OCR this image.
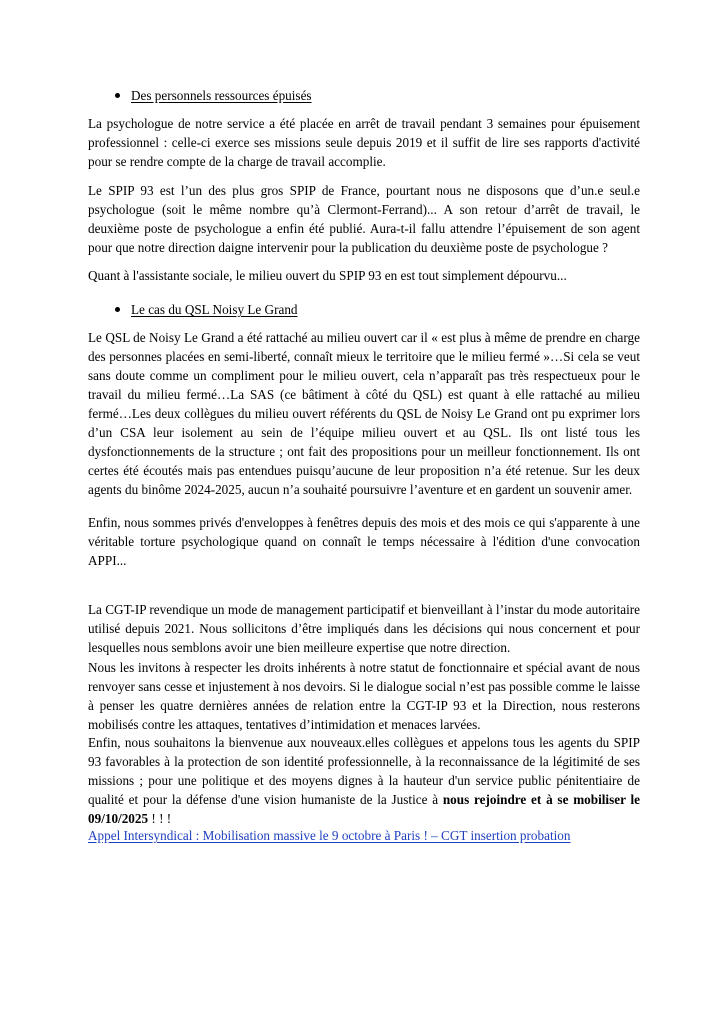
Des personnels ressources épuisés

La psychologue de notre service a été placée en arrêt de travail pendant 3 semaines pour épuisement professionnel : celle-ci exerce ses missions seule depuis 2019 et il suffit de lire ses rapports d'activité pour se rendre compte de la charge de travail accomplie.

Le SPIP 93 est l’un des plus gros SPIP de France, pourtant nous ne disposons que d’un.e seul.e psychologue (soit le même nombre qu’à Clermont-Ferrand)... A son retour d’arrêt de travail, le deuxième poste de psychologue a enfin été publié. Aura-t-il fallu attendre l’épuisement de son agent pour que notre direction daigne intervenir pour la publication du deuxième poste de psychologue ?

Quant à l'assistante sociale, le milieu ouvert du SPIP 93 en est tout simplement dépourvu...

Le cas du QSL Noisy Le Grand

Le QSL de Noisy Le Grand a été rattaché au milieu ouvert car il « est plus à même de prendre en charge des personnes placées en semi-liberté, connaît mieux le territoire que le milieu fermé »…Si cela se veut sans doute comme un compliment pour le milieu ouvert, cela n’apparaît pas très respectueux pour le travail du milieu fermé…La SAS (ce bâtiment à côté du QSL) est quant à elle rattaché au milieu fermé…Les deux collègues du milieu ouvert référents du QSL de Noisy Le Grand ont pu exprimer lors d’un CSA leur isolement au sein de l’équipe milieu ouvert et au QSL. Ils ont listé tous les dysfonctionnements de la structure ; ont fait des propositions pour un meilleur fonctionnement. Ils ont certes été écoutés mais pas entendues puisqu’aucune de leur proposition n’a été retenue. Sur les deux agents du binôme 2024-2025, aucun n’a souhaité poursuivre l’aventure et en gardent un souvenir amer.

Enfin, nous sommes privés d'enveloppes à fenêtres depuis des mois et des mois ce qui s'apparente à une véritable torture psychologique quand on connaît le temps nécessaire à l'édition d'une convocation APPI...

La CGT-IP revendique un mode de management participatif et bienveillant à l’instar du mode autoritaire utilisé depuis 2021. Nous sollicitons d’être impliqués dans les décisions qui nous concernent et pour lesquelles nous semblons avoir une bien meilleure expertise que notre direction.

Nous les invitons à respecter les droits inhérents à notre statut de fonctionnaire et spécial avant de nous renvoyer sans cesse et injustement à nos devoirs. Si le dialogue social n’est pas possible comme le laisse à penser les quatre dernières années de relation entre la CGT-IP 93 et la Direction, nous resterons mobilisés contre les attaques, tentatives d’intimidation et menaces larvées.

Enfin, nous souhaitons la bienvenue aux nouveaux.elles collègues et appelons tous les agents du SPIP 93 favorables à la protection de son identité professionnelle, à la reconnaissance de la légitimité de ses missions ; pour une politique et des moyens dignes à la hauteur d'un service public pénitentiaire de qualité et pour la défense d'une vision humaniste de la Justice à nous rejoindre et à se mobiliser le 09/10/2025 ! ! !

Appel Intersyndical : Mobilisation massive le 9 octobre à Paris ! – CGT insertion probation
